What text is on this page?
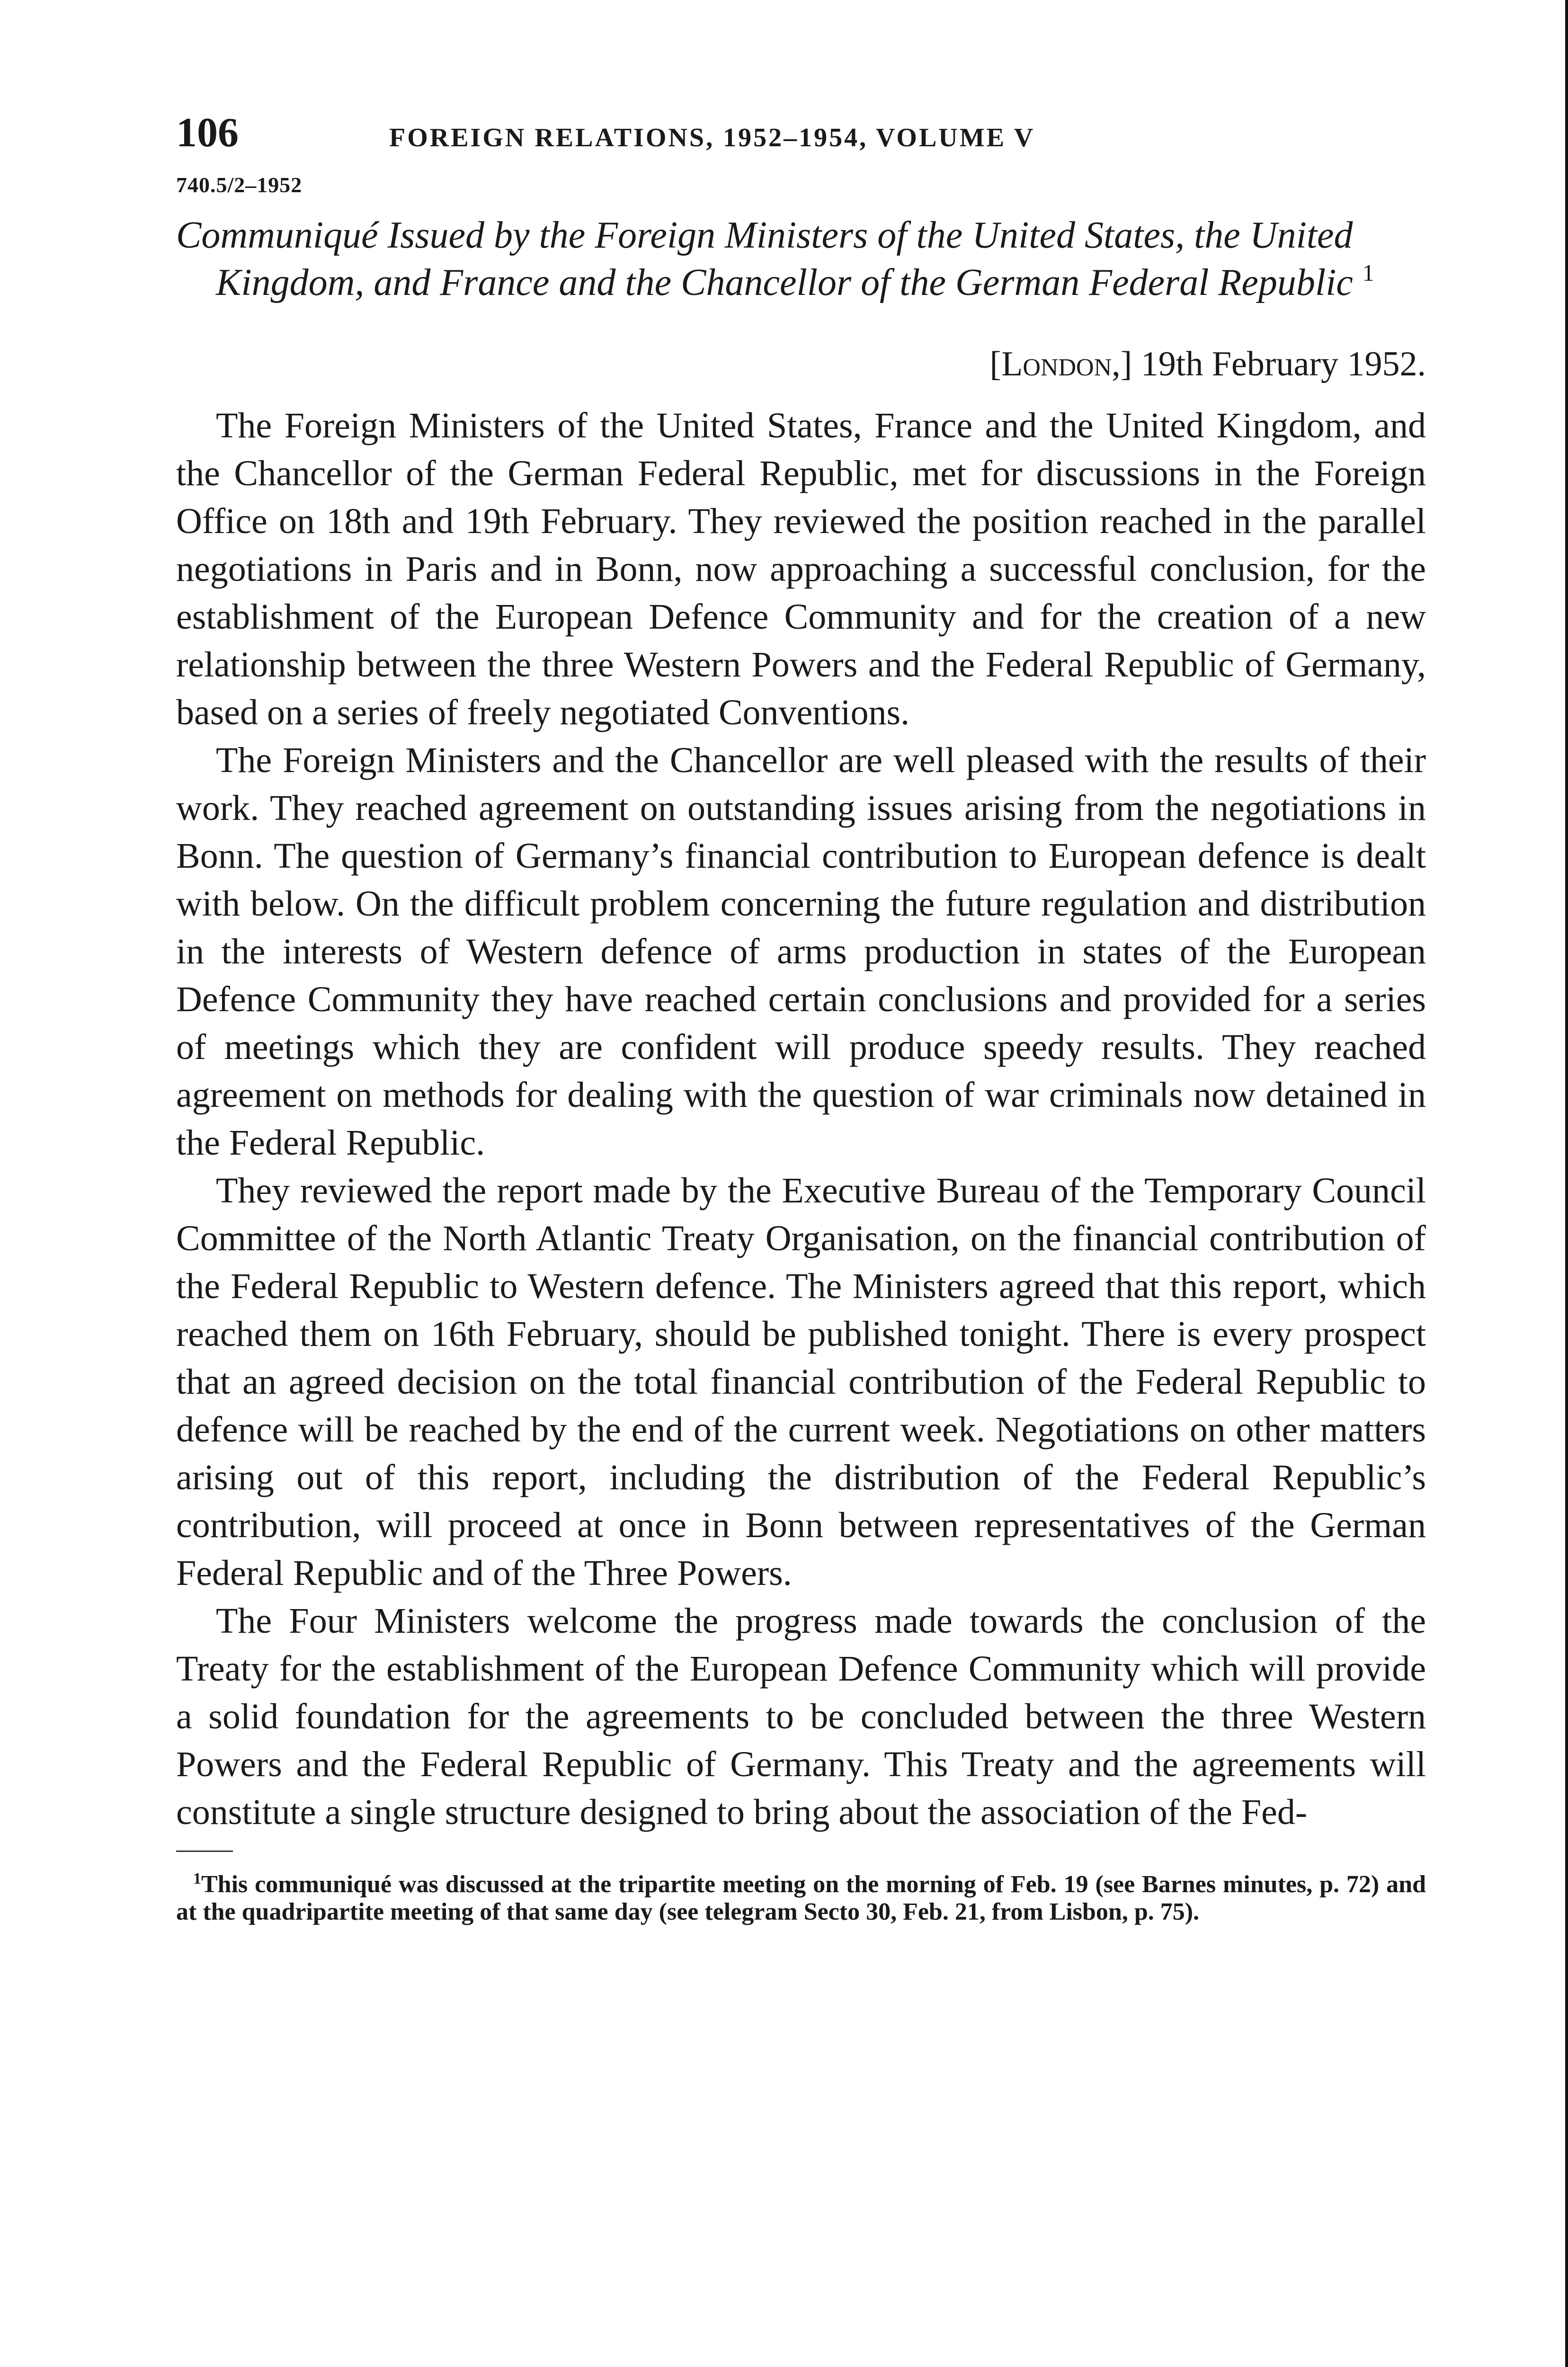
106	FOREIGN RELATIONS, 1952–1954, VOLUME V
740.5/2–1952
Communiqué Issued by the Foreign Ministers of the United States, the United Kingdom, and France and the Chancellor of the German Federal Republic $^1$
[London,] 19th February 1952.

The Foreign Ministers of the United States, France and the United Kingdom, and the Chancellor of the German Federal Republic, met for discussions in the Foreign Office on 18th and 19th February. They reviewed the position reached in the parallel negotiations in Paris and in Bonn, now approaching a successful conclusion, for the establishment of the European Defence Community and for the creation of a new relationship between the three Western Powers and the Federal Republic of Germany, based on a series of freely negotiated Conventions.

The Foreign Ministers and the Chancellor are well pleased with the results of their work. They reached agreement on outstanding issues arising from the negotiations in Bonn. The question of Germany’s financial contribution to European defence is dealt with below. On the difficult problem concerning the future regulation and distribution in the interests of Western defence of arms production in states of the European Defence Community they have reached certain conclusions and provided for a series of meetings which they are confident will produce speedy results. They reached agreement on methods for dealing with the question of war criminals now detained in the Federal Republic.

They reviewed the report made by the Executive Bureau of the Temporary Council Committee of the North Atlantic Treaty Organisation, on the financial contribution of the Federal Republic to Western defence. The Ministers agreed that this report, which reached them on 16th February, should be published tonight. There is every prospect that an agreed decision on the total financial contribution of the Federal Republic to defence will be reached by the end of the current week. Negotiations on other matters arising out of this report, including the distribution of the Federal Republic’s contribution, will proceed at once in Bonn between representatives of the German Federal Republic and of the Three Powers.

The Four Ministers welcome the progress made towards the conclusion of the Treaty for the establishment of the European Defence Community which will provide a solid foundation for the agreements to be concluded between the three Western Powers and the Federal Republic of Germany. This Treaty and the agreements will constitute a single structure designed to bring about the association of the Fed-

$^1$This communiqué was discussed at the tripartite meeting on the morning of Feb. 19 (see Barnes minutes, p. 72) and at the quadripartite meeting of that same day (see telegram Secto 30, Feb. 21, from Lisbon, p. 75).
